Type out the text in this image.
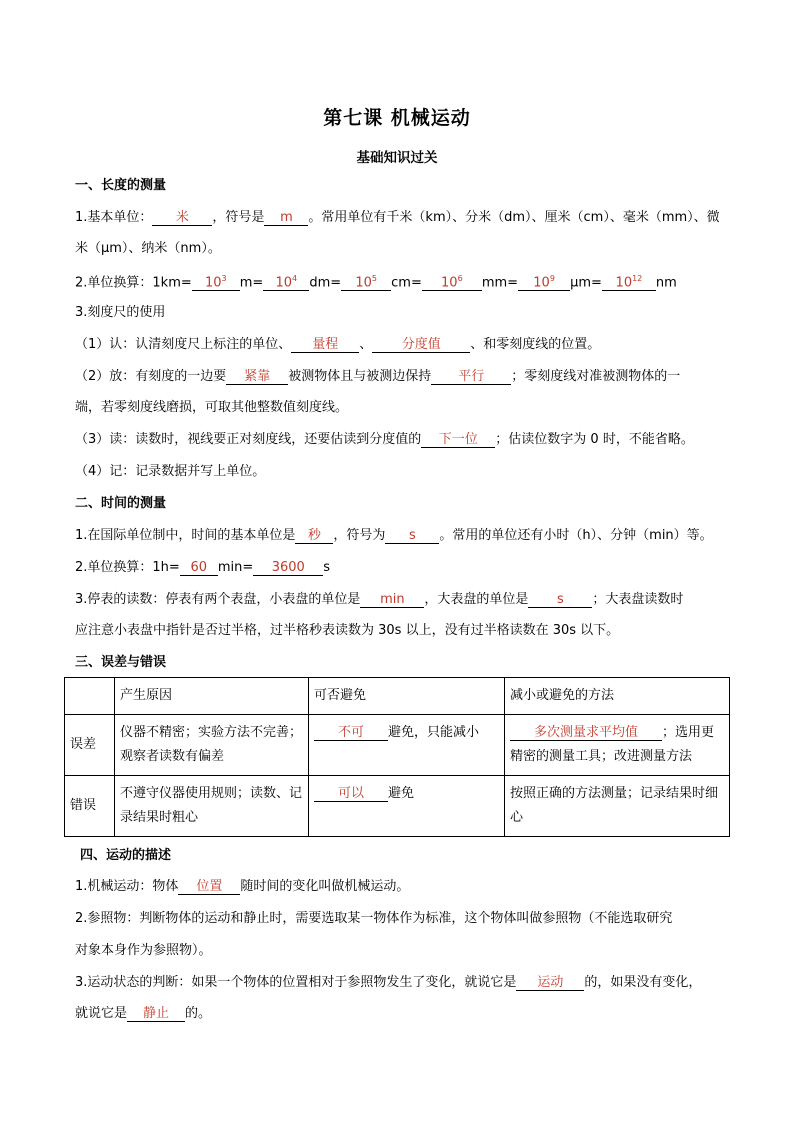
第七课 机械运动
基础知识过关
一、长度的测量
1.基本单位： 米 ，符号是 m 。常用单位有千米（km）、分米（dm）、厘米（cm）、毫米（mm）、微
米（μm）、纳米（nm）。
2.单位换算：$1km= 10^3$ $m= 10^4$ $dm= 10^5$ $cm= 10^6$ $mm= 10^9$ $\mu m= 10^{12}$ nm
3.刻度尺的使用
（1）认：认清刻度尺上标注的单位、 量程 、 分度值 、和零刻度线的位置。
（2）放：有刻度的一边要 紧靠 被测物体且与被测边保持 平行 ；零刻度线对准被测物体的一
端，若零刻度线磨损，可取其他整数值刻度线。
（3）读：读数时，视线要正对刻度线，还要估读到分度值的 下一位 ；估读位数字为 0 时，不能省略。
（4）记：记录数据并写上单位。
二、时间的测量
1.在国际单位制中，时间的基本单位是 秒 ，符号为 s 。常用的单位还有小时（h）、分钟（min）等。
2.单位换算：1h= 60 min= 3600 s
3.停表的读数：停表有两个表盘，小表盘的单位是 min ，大表盘的单位是 s ；大表盘读数时
应注意小表盘中指针是否过半格，过半格秒表读数为 30s 以上，没有过半格读数在 30s 以下。
三、误差与错误
	产生原因	可否避免	减小或避免的方法
误差	仪器不精密；实验方法不完善；观察者读数有偏差	不可 避免，只能减小	多次测量求平均值 ；选用更精密的测量工具；改进测量方法
错误	不遵守仪器使用规则；读数、记录结果时粗心	可以 避免	按照正确的方法测量；记录结果时细心
四、运动的描述
1.机械运动：物体 位置 随时间的变化叫做机械运动。
2.参照物：判断物体的运动和静止时，需要选取某一物体作为标准，这个物体叫做参照物（不能选取研究
对象本身作为参照物）。
3.运动状态的判断：如果一个物体的位置相对于参照物发生了变化，就说它是 运动 的，如果没有变化，
就说它是 静止 的。
